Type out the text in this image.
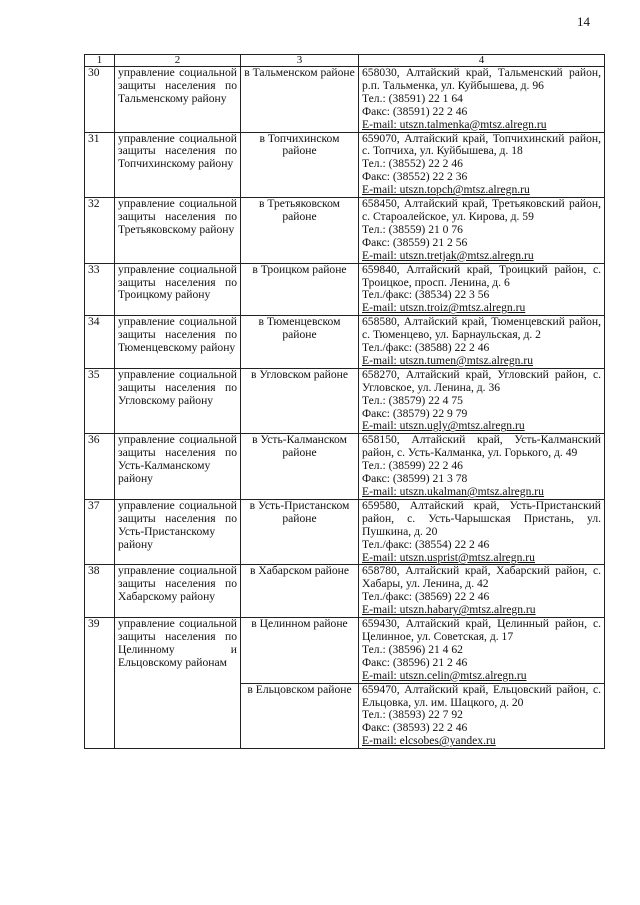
14
1	2	3	4
30	управление социальной защиты населения по Тальменскому району	в Тальменском районе	658030, Алтайский край, Тальменский район, р.п. Тальменка, ул. Куйбышева, д. 96
Тел.: (38591) 22 1 64
Факс: (38591) 22 2 46
E-mail: utszn.talmenka@mtsz.alregn.ru

31	управление социальной защиты населения по Топчихинскому району	в Топчихинском районе	659070, Алтайский край, Топчихинский район, с. Топчиха, ул. Куйбышева, д. 18
Тел.: (38552) 22 2 46
Факс: (38552) 22 2 36
E-mail: utszn.topch@mtsz.alregn.ru

32	управление социальной защиты населения по Третьяковскому району	в Третьяковском районе	658450, Алтайский край, Третьяковский район, с. Староалейское, ул. Кирова, д. 59
Тел.: (38559) 21 0 76
Факс: (38559) 21 2 56
E-mail: utszn.tretjak@mtsz.alregn.ru

33	управление социальной защиты населения по Троицкому району	в Троицком районе	659840, Алтайский край, Троицкий район, с. Троицкое, просп. Ленина, д. 6
Тел./факс: (38534) 22 3 56
E-mail: utszn.troiz@mtsz.alregn.ru

34	управление социальной защиты населения по Тюменцевскому району	в Тюменцевском районе	658580, Алтайский край, Тюменцевский район, с. Тюменцево, ул. Барнаульская, д. 2
Тел./факс: (38588) 22 2 46
E-mail: utszn.tumen@mtsz.alregn.ru

35	управление социальной защиты населения по Угловскому району	в Угловском районе	658270, Алтайский край, Угловский район, с. Угловское, ул. Ленина, д. 36
Тел.: (38579) 22 4 75
Факс: (38579) 22 9 79
E-mail: utszn.ugly@mtsz.alregn.ru

36	управление социальной защиты населения по Усть-Калманскому району	в Усть-Калманском районе	658150, Алтайский край, Усть-Калманский район, с. Усть-Калманка, ул. Горького, д. 49
Тел.: (38599) 22 2 46
Факс: (38599) 21 3 78
E-mail: utszn.ukalman@mtsz.alregn.ru

37	управление социальной защиты населения по Усть-Пристанскому району	в Усть-Пристанском районе	659580, Алтайский край, Усть-Пристанский район, с. Усть-Чарышская Пристань, ул. Пушкина, д. 20
Тел./факс: (38554) 22 2 46
E-mail: utszn.usprist@mtsz.alregn.ru

38	управление социальной защиты населения по Хабарскому району	в Хабарском районе	658780, Алтайский край, Хабарский район, с. Хабары, ул. Ленина, д. 42
Тел./факс: (38569) 22 2 46
E-mail: utszn.habary@mtsz.alregn.ru

39	управление социальной защиты населения по Целинному и Ельцовскому районам	в Целинном районе	659430, Алтайский край, Целинный район, с. Целинное, ул. Советская, д. 17
Тел.: (38596) 21 4 62
Факс: (38596) 21 2 46
E-mail: utszn.celin@mtsz.alregn.ru

		в Ельцовском районе	659470, Алтайский край, Ельцовский район, с. Ельцовка, ул. им. Шацкого, д. 20
Тел.: (38593) 22 7 92
Факс: (38593) 22 2 46
E-mail: elcsobes@yandex.ru
